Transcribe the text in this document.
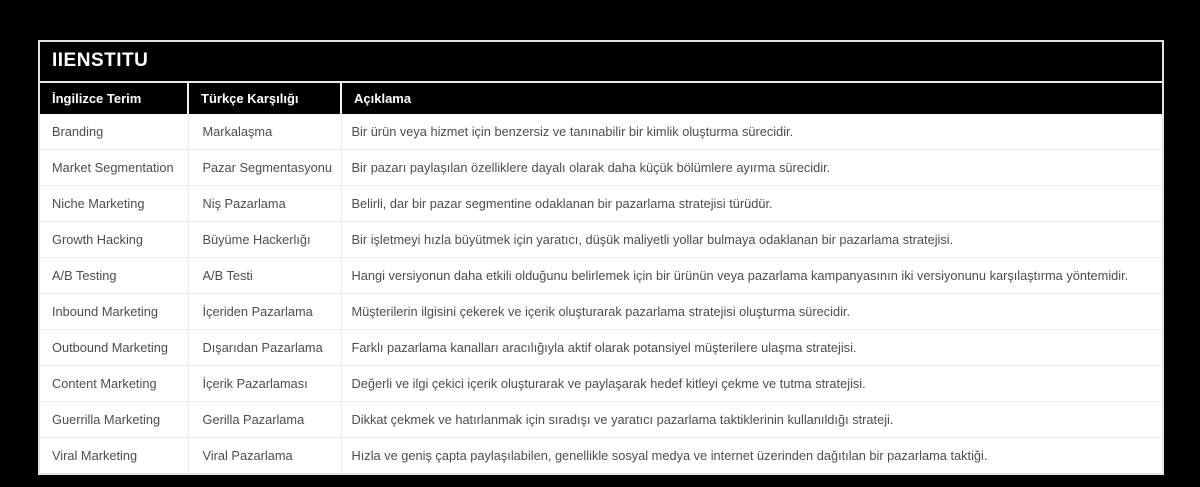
IIENSTITU
İngilizce Terim	Türkçe Karşılığı	Açıklama
Branding	Markalaşma	Bir ürün veya hizmet için benzersiz ve tanınabilir bir kimlik oluşturma sürecidir.
Market Segmentation	Pazar Segmentasyonu	Bir pazarı paylaşılan özelliklere dayalı olarak daha küçük bölümlere ayırma sürecidir.
Niche Marketing	Niş Pazarlama	Belirli, dar bir pazar segmentine odaklanan bir pazarlama stratejisi türüdür.
Growth Hacking	Büyüme Hackerlığı	Bir işletmeyi hızla büyütmek için yaratıcı, düşük maliyetli yollar bulmaya odaklanan bir pazarlama stratejisi.
A/B Testing	A/B Testi	Hangi versiyonun daha etkili olduğunu belirlemek için bir ürünün veya pazarlama kampanyasının iki versiyonunu karşılaştırma yöntemidir.
Inbound Marketing	İçeriden Pazarlama	Müşterilerin ilgisini çekerek ve içerik oluşturarak pazarlama stratejisi oluşturma sürecidir.
Outbound Marketing	Dışarıdan Pazarlama	Farklı pazarlama kanalları aracılığıyla aktif olarak potansiyel müşterilere ulaşma stratejisi.
Content Marketing	İçerik Pazarlaması	Değerli ve ilgi çekici içerik oluşturarak ve paylaşarak hedef kitleyi çekme ve tutma stratejisi.
Guerrilla Marketing	Gerilla Pazarlama	Dikkat çekmek ve hatırlanmak için sıradışı ve yaratıcı pazarlama taktiklerinin kullanıldığı strateji.
Viral Marketing	Viral Pazarlama	Hızla ve geniş çapta paylaşılabilen, genellikle sosyal medya ve internet üzerinden dağıtılan bir pazarlama taktiği.
